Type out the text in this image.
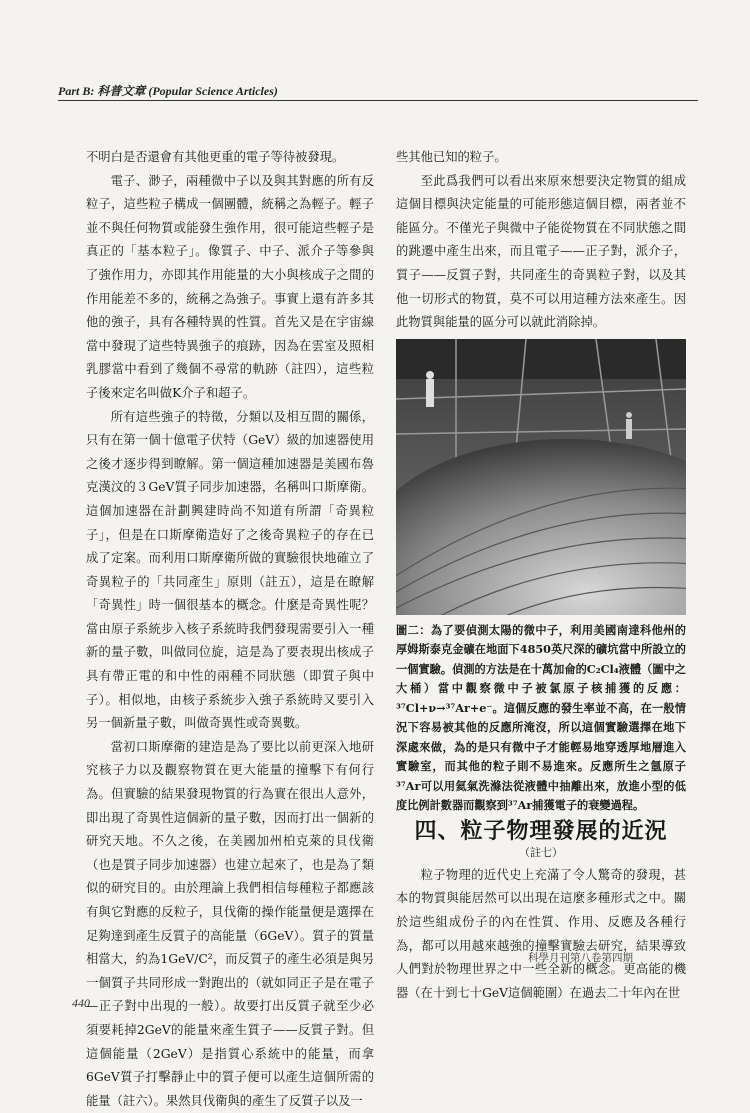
Part B: 科普文章 (Popular Science Articles)

不明白是否還會有其他更重的電子等待被發現。

電子、渺子，兩種微中子以及與其對應的所有反粒子，這些粒子構成一個團體，統稱之為輕子。輕子並不與任何物質或能發生強作用，很可能這些輕子是真正的「基本粒子」。像質子、中子、派介子等參與了強作用力，亦即其作用能量的大小與核成子之間的作用能差不多的，統稱之為強子。事實上還有許多其他的強子，具有各種特異的性質。首先又是在宇宙線當中發現了這些特異強子的痕跡，因為在雲室及照相乳膠當中看到了幾個不尋常的軌跡（註四），這些粒子後來定名叫做K介子和超子。

所有這些強子的特徵，分類以及相互間的關係，只有在第一個十億電子伏特（GeV）級的加速器使用之後才逐步得到瞭解。第一個這種加速器是美國布魯克漢汶的３GeV質子同步加速器，名稱叫口斯摩衛。這個加速器在計劃興建時尚不知道有所謂「奇異粒子」，但是在口斯摩衛造好了之後奇異粒子的存在已成了定案。而利用口斯摩衛所做的實驗很快地確立了奇異粒子的「共同產生」原則（註五），這是在瞭解「奇異性」時一個很基本的概念。什麼是奇異性呢？當由原子系統步入核子系統時我們發現需要引入一種新的量子數，叫做同位旋，這是為了要表現出核成子具有帶正電的和中性的兩種不同狀態（即質子與中子）。相似地，由核子系統步入強子系統時又要引入另一個新量子數，叫做奇異性或奇異數。

當初口斯摩衛的建造是為了要比以前更深入地研究核子力以及觀察物質在更大能量的撞擊下有何行為。但實驗的結果發現物質的行為實在很出人意外，即出現了奇異性這個新的量子數，因而打出一個新的研究天地。不久之後，在美國加州柏克萊的貝伐衛（也是質子同步加速器）也建立起來了，也是為了類似的研究目的。由於理論上我們相信每種粒子都應該有與它對應的反粒子，貝伐衛的操作能量便是選擇在足夠達到產生反質子的高能量（6GeV）。質子的質量相當大，約為1GeV/C²，而反質子的產生必須是與另一個質子共同形成一對跑出的（就如同正子是在電子—正子對中出現的一般）。故要打出反質子就至少必須要耗掉2GeV的能量來產生質子——反質子對。但這個能量（2GeV）是指質心系統中的能量，而拿6GeV質子打擊靜止中的質子便可以產生這個所需的能量（註六）。果然貝伐衛與的產生了反質子以及一

些其他已知的粒子。

至此爲我們可以看出來原來想要決定物質的組成這個目標與決定能量的可能形態這個目標，兩者並不能區分。不僅光子與微中子能從物質在不同狀態之間的跳遷中產生出來，而且電子——正子對，派介子，質子——反質子對，共同產生的奇異粒子對，以及其他一切形式的物質，莫不可以用這種方法來產生。因此物質與能量的區分可以就此消除掉。

圖二：為了要偵測太陽的微中子，利用美國南達科他州的厚姆斯泰克金礦在地面下4850英尺深的礦坑當中所設立的一個實驗。偵測的方法是在十萬加侖的C₂Cl₄液體（圖中之大桶）當中觀察微中子被氯原子核捕獲的反應：³⁷Cl+ν→³⁷Ar+e⁻。這個反應的發生率並不高，在一般情況下容易被其他的反應所淹沒，所以這個實驗選擇在地下深處來做，為的是只有微中子才能輕易地穿透厚地層進入實驗室，而其他的粒子則不易進來。反應所生之氬原子³⁷Ar可以用氦氣洗滌法從液體中抽離出來，放進小型的低度比例計數器而觀察到³⁷Ar捕獲電子的衰變過程。

四、粒子物理發展的近況
（註七）

粒子物理的近代史上充滿了令人驚奇的發現，甚本的物質與能居然可以出現在這麼多種形式之中。關於這些組成份子的內在性質、作用、反應及各種行為，都可以用越來越強的撞擊實驗去研究，結果導致人們對於物理世界之中一些全新的概念。更高能的機器（在十到七十GeV這個範圍）在過去二十年內在世

科學月刊第八卷第四期
440
